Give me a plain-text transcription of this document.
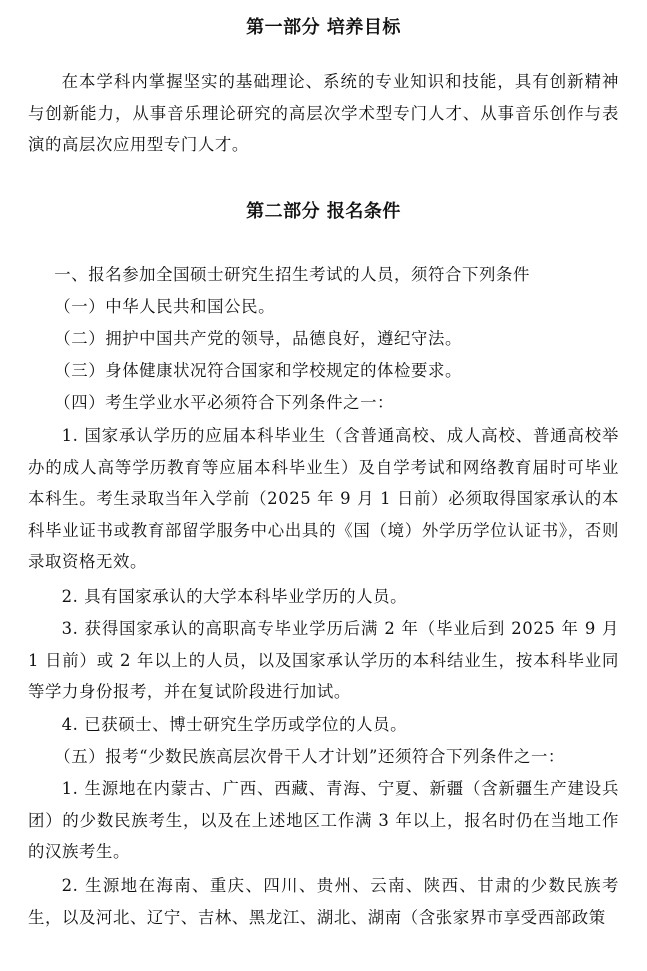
第一部分 培养目标

在本学科内掌握坚实的基础理论、系统的专业知识和技能，具有创新精神与创新能力，从事音乐理论研究的高层次学术型专门人才、从事音乐创作与表演的高层次应用型专门人才。

第二部分 报名条件

一、报名参加全国硕士研究生招生考试的人员，须符合下列条件

（一）中华人民共和国公民。

（二）拥护中国共产党的领导，品德良好，遵纪守法。

（三）身体健康状况符合国家和学校规定的体检要求。

（四）考生学业水平必须符合下列条件之一：

1. 国家承认学历的应届本科毕业生（含普通高校、成人高校、普通高校举办的成人高等学历教育等应届本科毕业生）及自学考试和网络教育届时可毕业本科生。考生录取当年入学前（2025 年 9 月 1 日前）必须取得国家承认的本科毕业证书或教育部留学服务中心出具的《国（境）外学历学位认证书》，否则录取资格无效。

2. 具有国家承认的大学本科毕业学历的人员。

3. 获得国家承认的高职高专毕业学历后满 2 年（毕业后到 2025 年 9 月 1 日前）或 2 年以上的人员，以及国家承认学历的本科结业生，按本科毕业同等学力身份报考，并在复试阶段进行加试。

4. 已获硕士、博士研究生学历或学位的人员。

（五）报考“少数民族高层次骨干人才计划”还须符合下列条件之一：

1. 生源地在内蒙古、广西、西藏、青海、宁夏、新疆（含新疆生产建设兵团）的少数民族考生，以及在上述地区工作满 3 年以上，报名时仍在当地工作的汉族考生。

2. 生源地在海南、重庆、四川、贵州、云南、陕西、甘肃的少数民族考生，以及河北、辽宁、吉林、黑龙江、湖北、湖南（含张家界市享受西部政策
